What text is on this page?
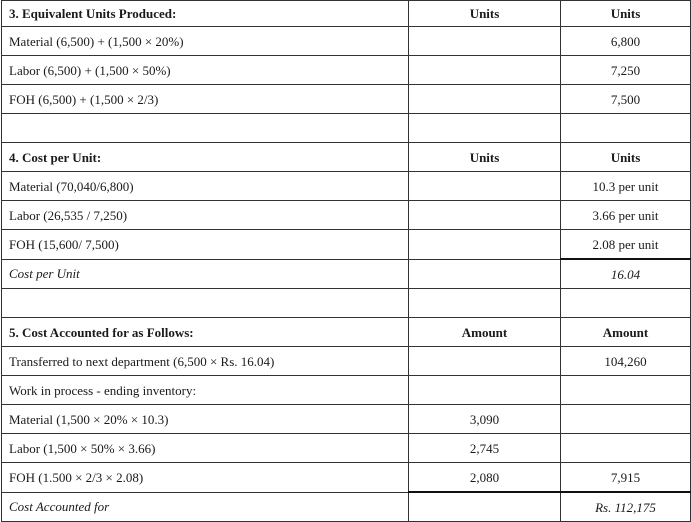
3. Equivalent Units Produced:	Units	Units
Material (6,500) + (1,500 × 20%)		6,800
Labor (6,500) + (1,500 × 50%)		7,250
FOH (6,500) + (1,500 × 2/3)		7,500

4. Cost per Unit:	Units	Units
Material (70,040/6,800)		10.3 per unit
Labor (26,535 / 7,250)		3.66 per unit
FOH (15,600/ 7,500)		2.08 per unit
Cost per Unit		16.04

5. Cost Accounted for as Follows:	Amount	Amount
Transferred to next department (6,500 × Rs. 16.04)		104,260
Work in process - ending inventory:		
Material (1,500 × 20% × 10.3)	3,090	
Labor (1,500 × 50% × 3.66)	2,745	
FOH (1.500 × 2/3 × 2.08)	2,080	7,915
Cost Accounted for		Rs. 112,175
